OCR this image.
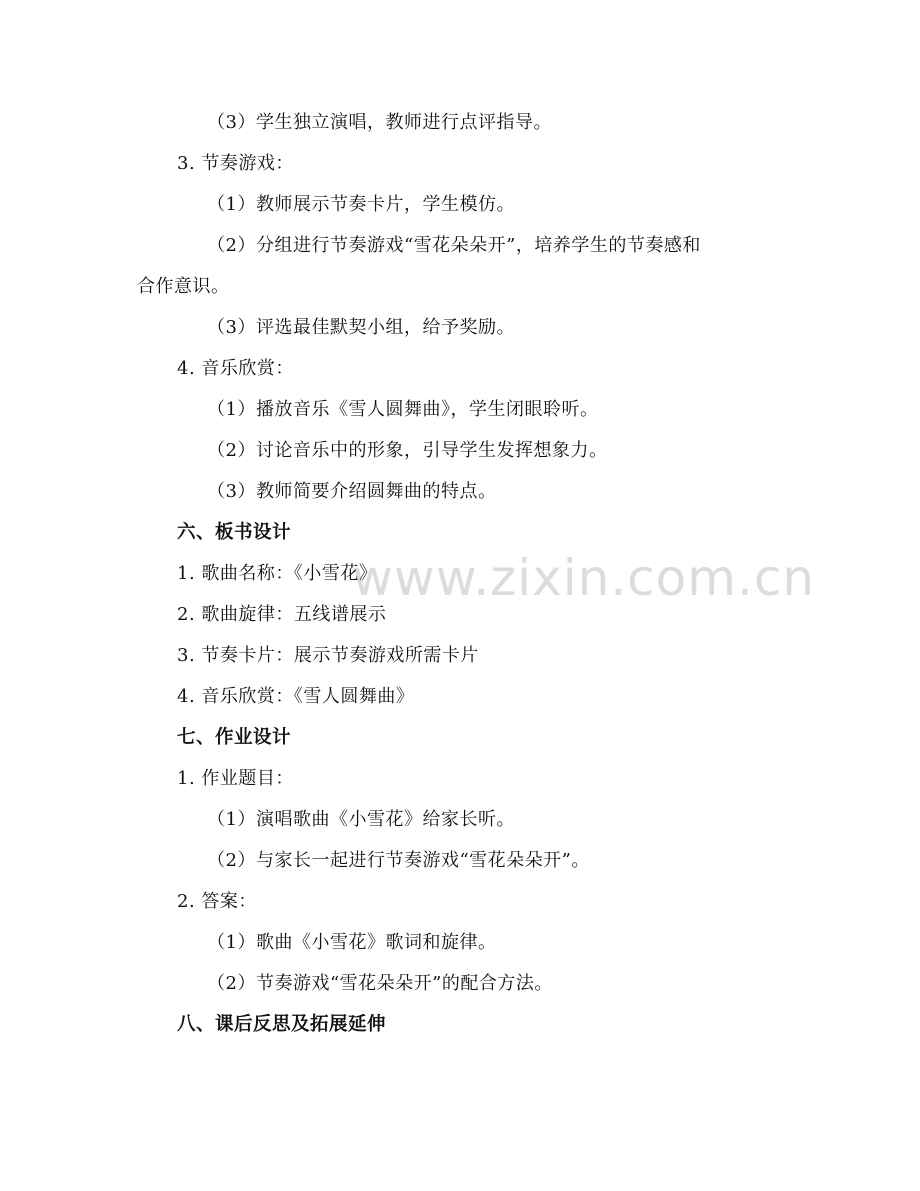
www.zixin.com.cn
（3）学生独立演唱，教师进行点评指导。
3. 节奏游戏：
（1）教师展示节奏卡片，学生模仿。
（2）分组进行节奏游戏“雪花朵朵开”，培养学生的节奏感和
合作意识。
（3）评选最佳默契小组，给予奖励。
4. 音乐欣赏：
（1）播放音乐《雪人圆舞曲》，学生闭眼聆听。
（2）讨论音乐中的形象，引导学生发挥想象力。
（3）教师简要介绍圆舞曲的特点。
六、板书设计
1. 歌曲名称：《小雪花》
2. 歌曲旋律：五线谱展示
3. 节奏卡片：展示节奏游戏所需卡片
4. 音乐欣赏：《雪人圆舞曲》
七、作业设计
1. 作业题目：
（1）演唱歌曲《小雪花》给家长听。
（2）与家长一起进行节奏游戏“雪花朵朵开”。
2. 答案：
（1）歌曲《小雪花》歌词和旋律。
（2）节奏游戏“雪花朵朵开”的配合方法。
八、课后反思及拓展延伸
